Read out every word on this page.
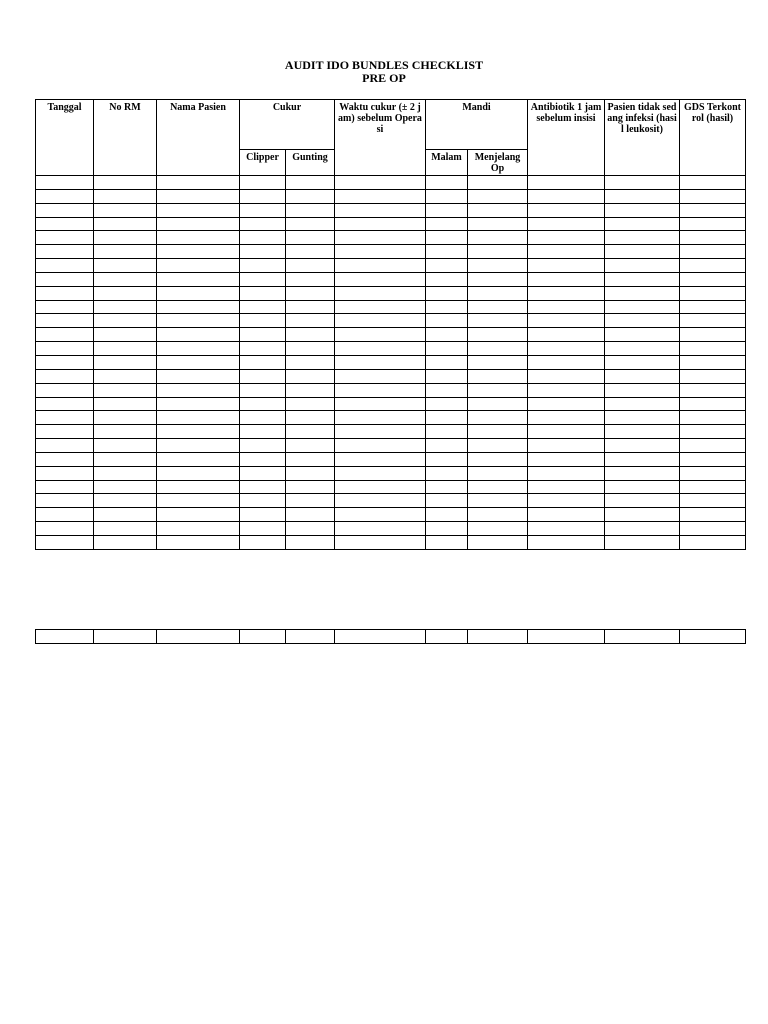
AUDIT IDO BUNDLES CHECKLIST
PRE OP
Tanggal	No RM	Nama Pasien	Cukur		Waktu cukur (± 2 jam) sebelum Operasi	Mandi		Antibiotik 1 jam sebelum insisi	Pasien tidak sedang infeksi (hasil leukosit)	GDS Terkontrol (hasil)
			Clipper	Gunting		Malam	Menjelang Op			
